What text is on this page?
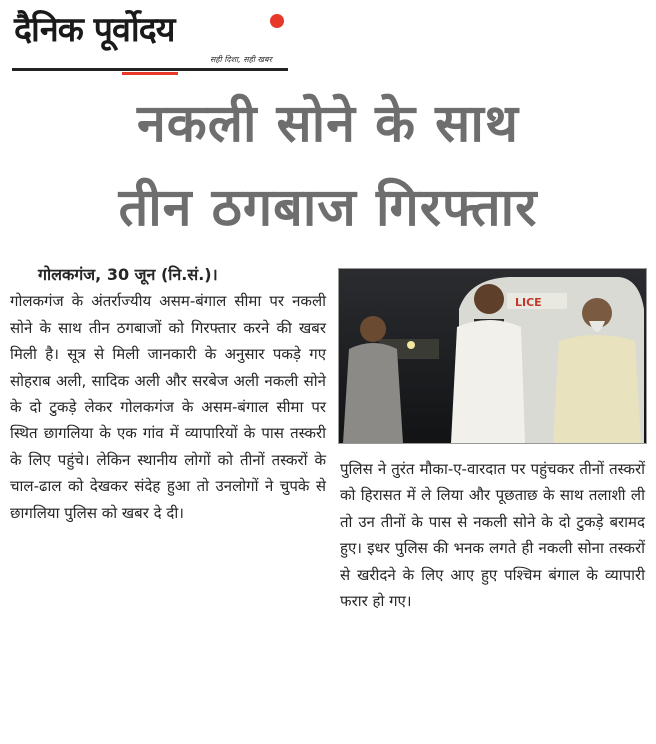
दैनिक पूर्वोदय
सही दिशा, सही खबर
नकली सोने के साथ
तीन ठगबाज गिरफ्तार
गोलकगंज, 30 जून (नि.सं.)।
गोलकगंज के अंतर्राज्यीय असम-बंगाल सीमा पर नकली सोने के साथ तीन ठगबाजों को गिरफ्तार करने की खबर मिली है। सूत्र से मिली जानकारी के अनुसार पकड़े गए सोहराब अली, सादिक अली और सरबेज अली नकली सोने के दो टुकड़े लेकर गोलकगंज के असम-बंगाल सीमा पर स्थित छागलिया के एक गांव में व्यापारियों के पास तस्करी के लिए पहुंचे। लेकिन स्थानीय लोगों को तीनों तस्करों के चाल-ढाल को देखकर संदेह हुआ तो उनलोगों ने चुपके से छागलिया पुलिस को खबर दे दी।
LICE
पुलिस ने तुरंत मौका-ए-वारदात पर पहुंचकर तीनों तस्करों को हिरासत में ले लिया और पूछताछ के साथ तलाशी ली तो उन तीनों के पास से नकली सोने के दो टुकड़े बरामद हुए। इधर पुलिस की भनक लगते ही नकली सोना तस्करों से खरीदने के लिए आए हुए पश्चिम बंगाल के व्यापारी फरार हो गए।
